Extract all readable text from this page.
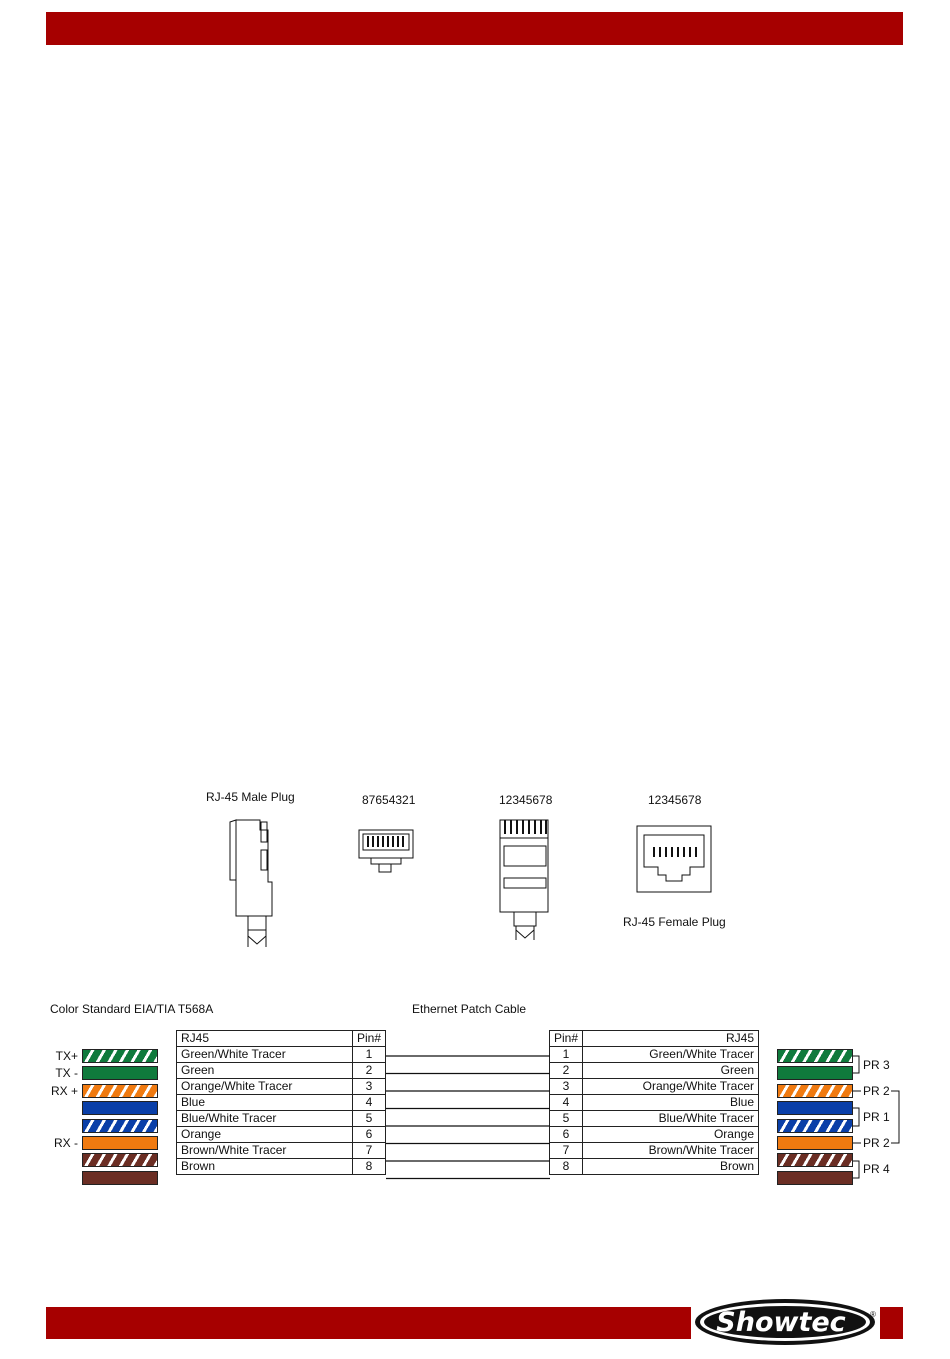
Showtec	®
RJ-45 Male Plug	87654321	12345678	12345678
RJ-45 Female Plug
Color Standard EIA/TIA T568A	Ethernet Patch Cable
RJ45	Pin#
Green/White Tracer	1
Green	2
Orange/White Tracer	3
Blue	4
Blue/White Tracer	5
Orange	6
Brown/White Tracer	7
Brown	8
Pin#	RJ45
1	Green/White Tracer
2	Green
3	Orange/White Tracer
4	Blue
5	Blue/White Tracer
6	Orange
7	Brown/White Tracer
8	Brown
TX+
TX -
RX +
RX -
PR 3
PR 2
PR 1
PR 2
PR 4
